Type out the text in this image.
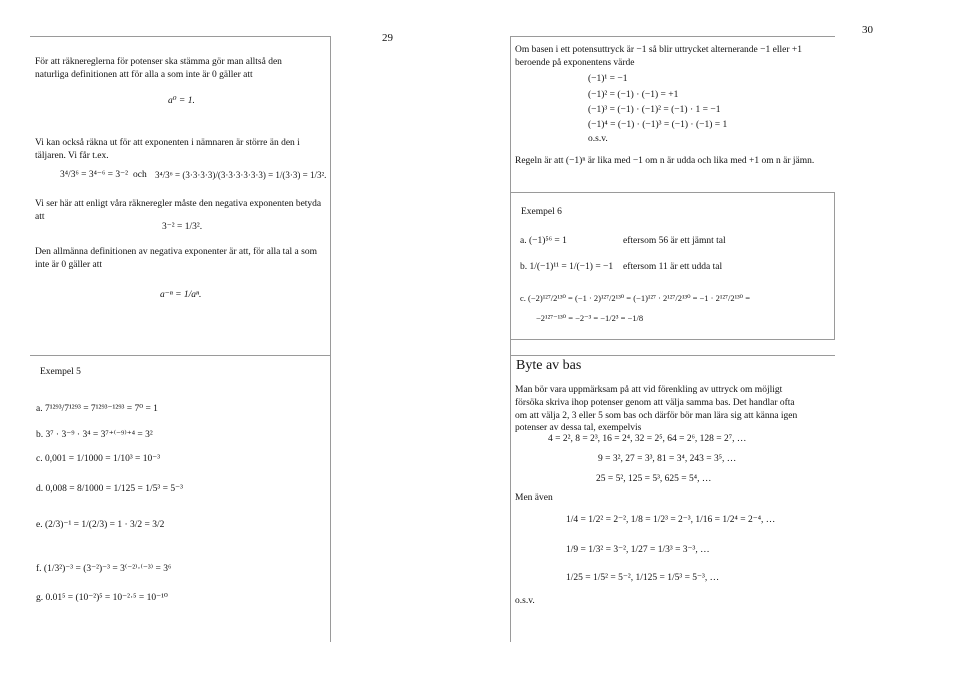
29
För att räknereglerna för potenser ska stämma gör man alltså den naturliga definitionen att för alla a som inte är 0 gäller att
a⁰ = 1.
Vi kan också räkna ut för att exponenten i nämnaren är större än den i täljaren. Vi får t.ex.
3⁴/3⁶ = 3⁴⁻⁶ = 3⁻² och 3⁴/3⁶ = (3·3·3·3)/(3·3·3·3·3·3) = 1/(3·3) = 1/3².
Vi ser här att enligt våra räkneregler måste den negativa exponenten betyda att
3⁻² = 1/3².
Den allmänna definitionen av negativa exponenter är att, för alla tal a som inte är 0 gäller att
a⁻ⁿ = 1/aⁿ.
Exempel 5
a. 7¹²⁹³/7¹²⁹³ = 7¹²⁹³⁻¹²⁹³ = 7⁰ = 1
b. 3⁷ · 3⁻⁹ · 3⁴ = 3⁷⁺⁽⁻⁹⁾⁺⁴ = 3²
c. 0,001 = 1/1000 = 1/10³ = 10⁻³
d. 0,008 = 8/1000 = 1/125 = 1/5³ = 5⁻³
e. (2/3)⁻¹ = 1/(2/3) = 1 · 3/2 = 3/2
f. (1/3²)⁻³ = (3⁻²)⁻³ = 3⁽⁻²⁾·⁽⁻³⁾ = 3⁶
g. 0.01⁵ = (10⁻²)⁵ = 10⁻²·⁵ = 10⁻¹⁰
30
Om basen i ett potensuttryck är −1 så blir uttrycket alternerande −1 eller +1 beroende på exponentens värde
(−1)¹ = −1
(−1)² = (−1) · (−1) = +1
(−1)³ = (−1) · (−1)² = (−1) · 1 = −1
(−1)⁴ = (−1) · (−1)³ = (−1) · (−1) = 1
o.s.v.
Regeln är att (−1)ⁿ är lika med −1 om n är udda och lika med +1 om n är jämn.
Exempel 6
a. (−1)⁵⁶ = 1	eftersom 56 är ett jämnt tal
b. 1/(−1)¹¹ = 1/(−1) = −1 eftersom 11 är ett udda tal
c. (−2)¹²⁷/2¹³⁰ = (−1 · 2)¹²⁷/2¹³⁰ = (−1)¹²⁷ · 2¹²⁷/2¹³⁰ = −1 · 2¹²⁷/2¹³⁰ =
−2¹²⁷⁻¹³⁰ = −2⁻³ = −1/2³ = −1/8
Byte av bas
Man bör vara uppmärksam på att vid förenkling av uttryck om möjligt försöka skriva ihop potenser genom att välja samma bas. Det handlar ofta om att välja 2, 3 eller 5 som bas och därför bör man lära sig att känna igen potenser av dessa tal, exempelvis
4 = 2², 8 = 2³, 16 = 2⁴, 32 = 2⁵, 64 = 2⁶, 128 = 2⁷, …
9 = 3², 27 = 3³, 81 = 3⁴, 243 = 3⁵, …
25 = 5², 125 = 5³, 625 = 5⁴, …
Men även
1/4 = 1/2² = 2⁻², 1/8 = 1/2³ = 2⁻³, 1/16 = 1/2⁴ = 2⁻⁴, …
1/9 = 1/3² = 3⁻², 1/27 = 1/3³ = 3⁻³, …
1/25 = 1/5² = 5⁻², 1/125 = 1/5³ = 5⁻³, …
o.s.v.
